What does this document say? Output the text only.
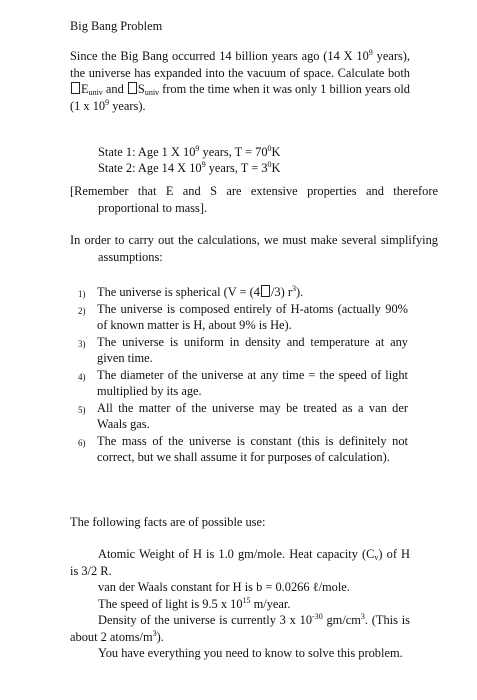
Big Bang Problem

Since the Big Bang occurred 14 billion years ago (14 X $10^9$ years), the universe has expanded into the vacuum of space. Calculate both $E_{univ}$ and $S_{univ}$ from the time when it was only 1 billion years old (1 x $10^9$ years).

State 1: Age 1 X $10^9$ years, $T = 70^0K$

State 2: Age 14 X $10^9$ years, $T = 3^0K$

[Remember that E and S are extensive properties and therefore proportional to mass].

In order to carry out the calculations, we must make several simplifying assumptions:

1) The universe is spherical (V = (4 /3) $r^3$).
2) The universe is composed entirely of H-atoms (actually 90% of known matter is H, about 9% is He).
3) The universe is uniform in density and temperature at any given time.
4) The diameter of the universe at any time = the speed of light multiplied by its age.
5) All the matter of the universe may be treated as a van der Waals gas.
6) The mass of the universe is constant (this is definitely not correct, but we shall assume it for purposes of calculation).

The following facts are of possible use:

Atomic Weight of H is 1.0 gm/mole. Heat capacity $(C_v)$ of H is 3/2 R.

van der Waals constant for H is b = 0.0266 ℓ/mole.

The speed of light is 9.5 x $10^{15}$ m/year.

Density of the universe is currently 3 x $10^{-30}$ $gm/cm^3$. (This is about 2 atoms/$m^3$).

You have everything you need to know to solve this problem.
